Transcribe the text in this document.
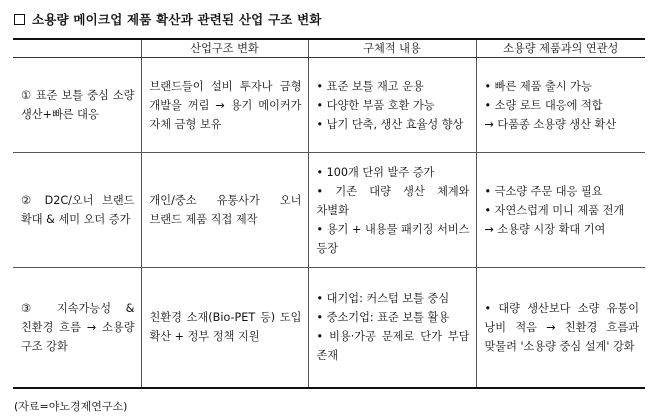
소용량 메이크업 제품 확산과 관련된 산업 구조 변화
	산업구조 변화	구체적 내용	소용량 제품과의 연관성
① 표준 보틀 중심 소량 생산+빠른 대응	브랜드들이 설비 투자나 금형 개발을 꺼림 → 용기 메이커가 자체 금형 보유	• 표준 보틀 재고 운용
• 다양한 부품 호환 가능
• 납기 단축, 생산 효율성 향상	• 빠른 제품 출시 가능
• 소량 로트 대응에 적합
→ 다품종 소용량 생산 확산

② D2C/오너 브랜드 확대 & 세미 오더 증가	개인/중소 유통사가 오너 브랜드 제품 직접 제작	• 100개 단위 발주 증가
• 기존 대량 생산 체계와 차별화
• 용기 + 내용물 패키징 서비스 등장	• 극소량 주문 대응 필요
• 자연스럽게 미니 제품 전개
→ 소용량 시장 확대 기여

③ 지속가능성 & 친환경 흐름 → 소용량 구조 강화	친환경 소재(Bio-PET 등) 도입 확산 + 정부 정책 지원	• 대기업: 커스텀 보틀 중심
• 중소기업: 표준 보틀 활용
• 비용·가공 문제로 단가 부담 존재	• 대량 생산보다 소량 유통이 낭비 적음 → 친환경 흐름과 맞물려 '소용량 중심 설계' 강화
(자료=야노경제연구소)
